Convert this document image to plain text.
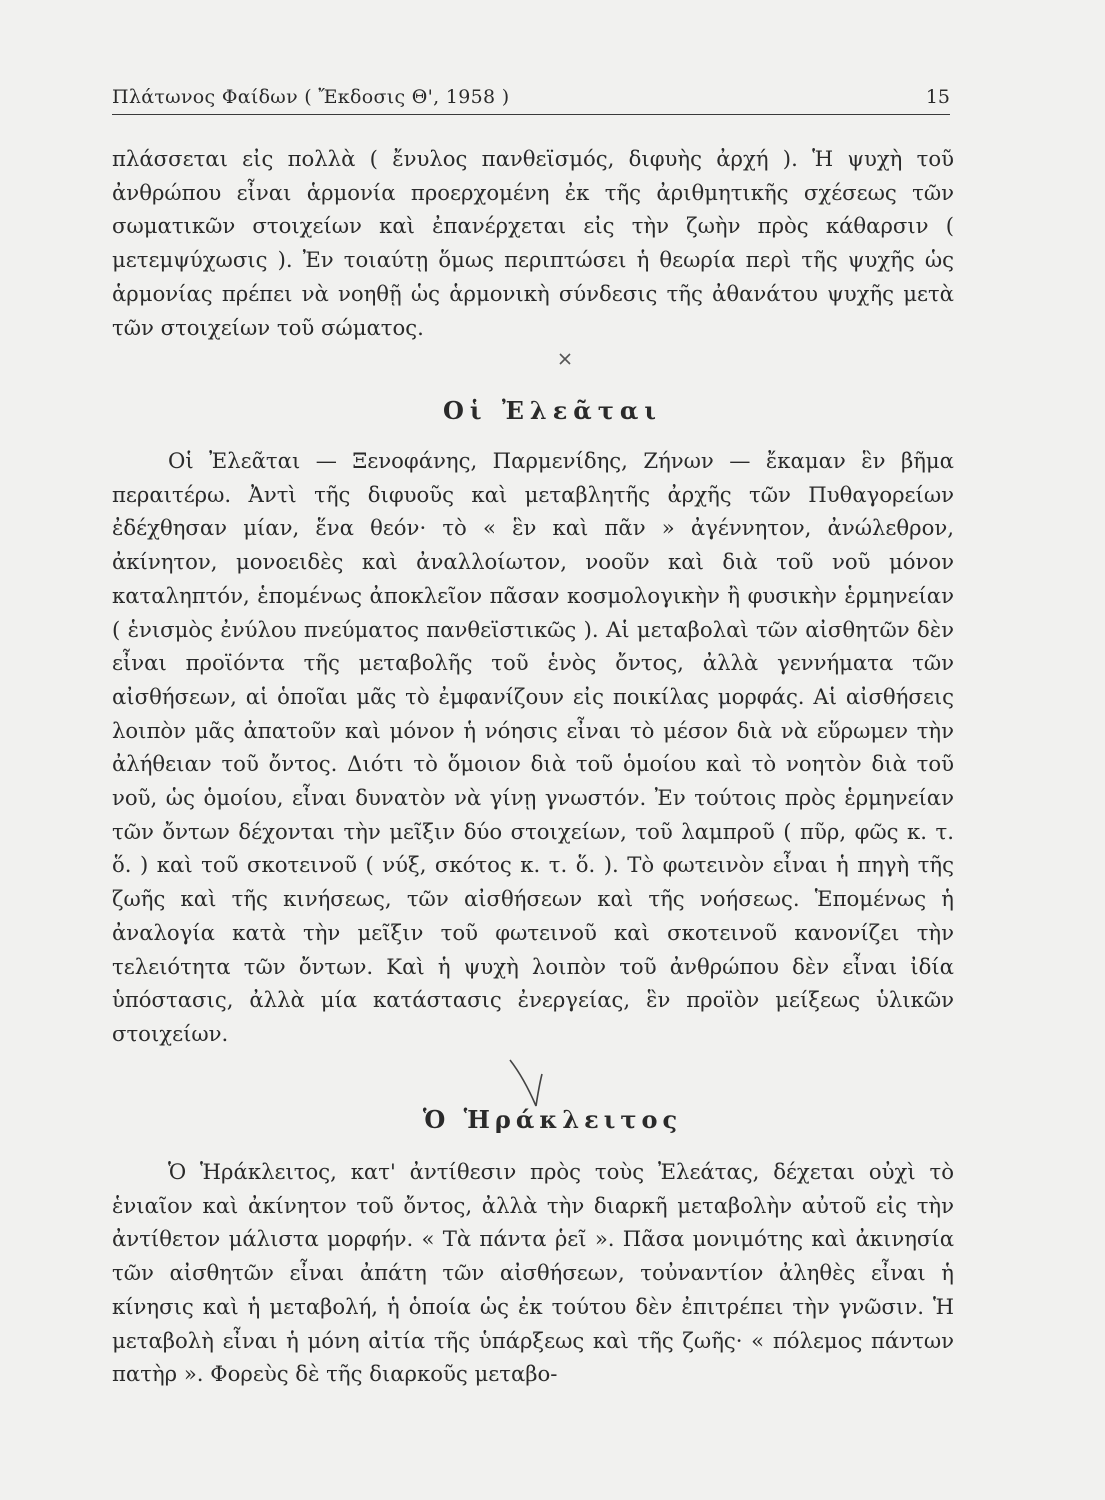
Πλάτωνος Φαίδων ( Ἔκδοσις Θ', 1958 )	15
πλάσσεται εἰς πολλὰ ( ἔνυλος πανθεϊσμός, διφυὴς ἀρχή ). Ἡ ψυχὴ τοῦ ἀνθρώπου εἶναι ἁρμονία προερχομένη ἐκ τῆς ἀριθμητικῆς σχέσεως τῶν σωματικῶν στοιχείων καὶ ἐπανέρχεται εἰς τὴν ζωὴν πρὸς κάθαρσιν ( μετεμψύχωσις ). Ἐν τοιαύτῃ ὅμως περιπτώσει ἡ θεωρία περὶ τῆς ψυχῆς ὡς ἁρμονίας πρέπει νὰ νοηθῇ ὡς ἁρμονικὴ σύνδεσις τῆς ἀθανάτου ψυχῆς μετὰ τῶν στοιχείων τοῦ σώματος.
Οἱ Ἐλεᾶται
Οἱ Ἐλεᾶται — Ξενοφάνης, Παρμενίδης, Ζήνων — ἔκαμαν ἓν βῆμα περαιτέρω. Ἀντὶ τῆς διφυοῦς καὶ μεταβλητῆς ἀρχῆς τῶν Πυθαγορείων ἐδέχθησαν μίαν, ἕνα θεόν· τὸ « ἓν καὶ πᾶν » ἀγέννητον, ἀνώλεθρον, ἀκίνητον, μονοειδὲς καὶ ἀναλλοίωτον, νοοῦν καὶ διὰ τοῦ νοῦ μόνον καταληπτόν, ἑπομένως ἀποκλεῖον πᾶσαν κοσμολογικὴν ἢ φυσικὴν ἑρμηνείαν ( ἑνισμὸς ἐνύλου πνεύματος πανθεϊστικῶς ). Αἱ μεταβολαὶ τῶν αἰσθητῶν δὲν εἶναι προϊόντα τῆς μεταβολῆς τοῦ ἑνὸς ὄντος, ἀλλὰ γεννήματα τῶν αἰσθήσεων, αἱ ὁποῖαι μᾶς τὸ ἐμφανίζουν εἰς ποικίλας μορφάς. Αἱ αἰσθήσεις λοιπὸν μᾶς ἀπατοῦν καὶ μόνον ἡ νόησις εἶναι τὸ μέσον διὰ νὰ εὕρωμεν τὴν ἀλήθειαν τοῦ ὄντος. Διότι τὸ ὅμοιον διὰ τοῦ ὁμοίου καὶ τὸ νοητὸν διὰ τοῦ νοῦ, ὡς ὁμοίου, εἶναι δυνατὸν νὰ γίνῃ γνωστόν. Ἐν τούτοις πρὸς ἑρμηνείαν τῶν ὄντων δέχονται τὴν μεῖξιν δύο στοιχείων, τοῦ λαμπροῦ ( πῦρ, φῶς κ. τ. ὅ. ) καὶ τοῦ σκοτεινοῦ ( νύξ, σκότος κ. τ. ὅ. ). Τὸ φωτεινὸν εἶναι ἡ πηγὴ τῆς ζωῆς καὶ τῆς κινήσεως, τῶν αἰσθήσεων καὶ τῆς νοήσεως. Ἑπομένως ἡ ἀναλογία κατὰ τὴν μεῖξιν τοῦ φωτεινοῦ καὶ σκοτεινοῦ κανονίζει τὴν τελειότητα τῶν ὄντων. Καὶ ἡ ψυχὴ λοιπὸν τοῦ ἀνθρώπου δὲν εἶναι ἰδία ὑπόστασις, ἀλλὰ μία κατάστασις ἐνεργείας, ἓν προϊὸν μείξεως ὑλικῶν στοιχείων.
Ὁ Ἡράκλειτος
Ὁ Ἡράκλειτος, κατ' ἀντίθεσιν πρὸς τοὺς Ἐλεάτας, δέχεται οὐχὶ τὸ ἑνιαῖον καὶ ἀκίνητον τοῦ ὄντος, ἀλλὰ τὴν διαρκῆ μεταβολὴν αὐτοῦ εἰς τὴν ἀντίθετον μάλιστα μορφήν. « Τὰ πάντα ῥεῖ ». Πᾶσα μονιμότης καὶ ἀκινησία τῶν αἰσθητῶν εἶναι ἀπάτη τῶν αἰσθήσεων, τοὐναντίον ἀληθὲς εἶναι ἡ κίνησις καὶ ἡ μεταβολή, ἡ ὁποία ὡς ἐκ τούτου δὲν ἐπιτρέπει τὴν γνῶσιν. Ἡ μεταβολὴ εἶναι ἡ μόνη αἰτία τῆς ὑπάρξεως καὶ τῆς ζωῆς· « πόλεμος πάντων πατὴρ ». Φορεὺς δὲ τῆς διαρκοῦς μεταβο-
